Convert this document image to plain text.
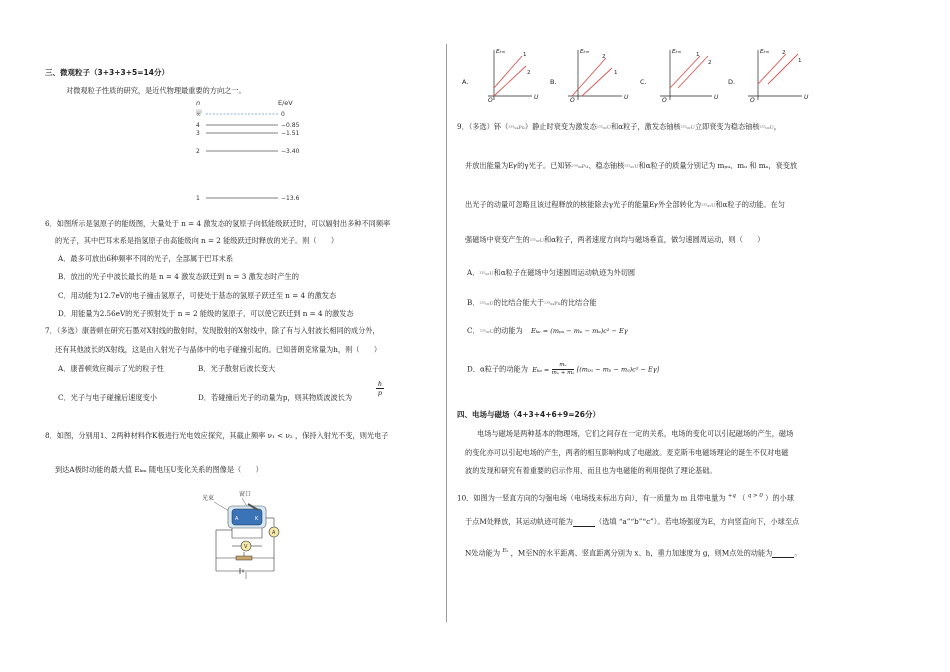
三、微观粒子（3+3+3+5=14分）
对微观粒子性质的研究，是近代物理最重要的方向之一。
n	E/eV
∞	0
4	−0.85
3	−1.51
2	−3.40
1	−13.6
6．如图所示是氢原子的能级图，大量处于 n = 4 激发态的氢原子向低能级跃迁时，可以辐射出多种不同频率
的光子，其中巴耳末系是指氢原子由高能级向 n = 2 能级跃迁时释放的光子。则（　　）
A．最多可放出6种频率不同的光子，全部属于巴耳末系
B．放出的光子中波长最长的是 n = 4 激发态跃迁到 n = 3 激发态时产生的
C．用动能为12.7eV的电子撞击氢原子，可使处于基态的氢原子跃迁至 n = 4 的激发态
D．用能量为2.56eV的光子照射处于 n = 2 能级的氢原子，可以使它跃迁到 n = 4 的激发态
7．（多选）康普顿在研究石墨对X射线的散射时，发现散射的X射线中，除了有与入射波长相同的成分外，
还有其他波长的X射线，这是由入射光子与晶体中的电子碰撞引起的。已知普朗克常量为h，则（　　）
A．康普顿效应揭示了光的粒子性	B．光子散射后波长变大
C．光子与电子碰撞后速度变小	D．若碰撞后光子的动量为p，则其物质波波长为
h
p
8．如图，分别用1、2两种材料作K极进行光电效应探究，其截止频率 ν₁ < ν₂ ，保持入射光不变，则光电子
到达A极时动能的最大值 Eₖₘ 随电压U变化关系的图像是（　　）
光束
窗口
A	K
V
A
A.
Eₖₘ
U
O
1
2
B.
Eₖₘ
U
O
2
1
C.
Eₖₘ
U
O
1
2
D.
Eₖₘ
U
O
2
1
9．（多选）钚（²³⁹₉₄Pu）静止时衰变为激发态²³⁵₉₂U和α粒子，激发态铀核²³⁵₉₂U立即衰变为稳态铀核²³⁵₉₂U，
并放出能量为E𝛾的γ光子。已知钚²³⁹₉₄Pu、稳态铀核²³⁵₉₂U和α粒子的质量分别记为 mₚᵤ、mᵤ 和 mₐ，衰变放
出光子的动量可忽略且该过程释放的核能除去γ光子的能量E𝛾外全部转化为²³⁵₉₂U和α粒子的动能。在匀
强磁场中衰变产生的²³⁵₉₂U和α粒子，两者速度方向均与磁场垂直，做匀速圆周运动，则（　　）
A．²³⁵₉₂U和α粒子在磁场中匀速圆周运动轨迹为外切圆
B．²³⁵₉₂U的比结合能大于²³⁹₉₄Pu的比结合能
C．²³⁵₉₂U的动能为 Eₖᵤ = (mₚᵤ − mᵤ − mₐ)c² − E𝛾
D．α粒子的动能为 $E_{ka} = \frac{\text{mᵤ}}{\text{mᵤ + mₐ}}$ [(mₚᵤ − mᵤ − mₐ)c² − E𝛾]
四、电场与磁场（4+3+4+6+9=26分）
电场与磁场是两种基本的物理场，它们之间存在一定的关系，电场的变化可以引起磁场的产生，磁场
的变化亦可以引起电场的产生，两者的相互影响构成了电磁波。麦克斯韦电磁场理论的诞生不仅对电磁
波的发现和研究有着重要的启示作用，而且也为电磁能的利用提供了理论基础。
10．如图为一竖直方向的匀强电场（电场线未标出方向），有一质量为 m 且带电量为 $^{+q}$ （ $^{q > 0}$ ）的小球
于点M处释放，其运动轨迹可能为	（选填 “a”“b”“c”）。若电场强度为E，方向竖直向下，小球至点
N处动能为 $^{E_k}$ ，M至N的水平距离、竖直距离分别为 x、h，重力加速度为 g，则M点处的动能为	。
